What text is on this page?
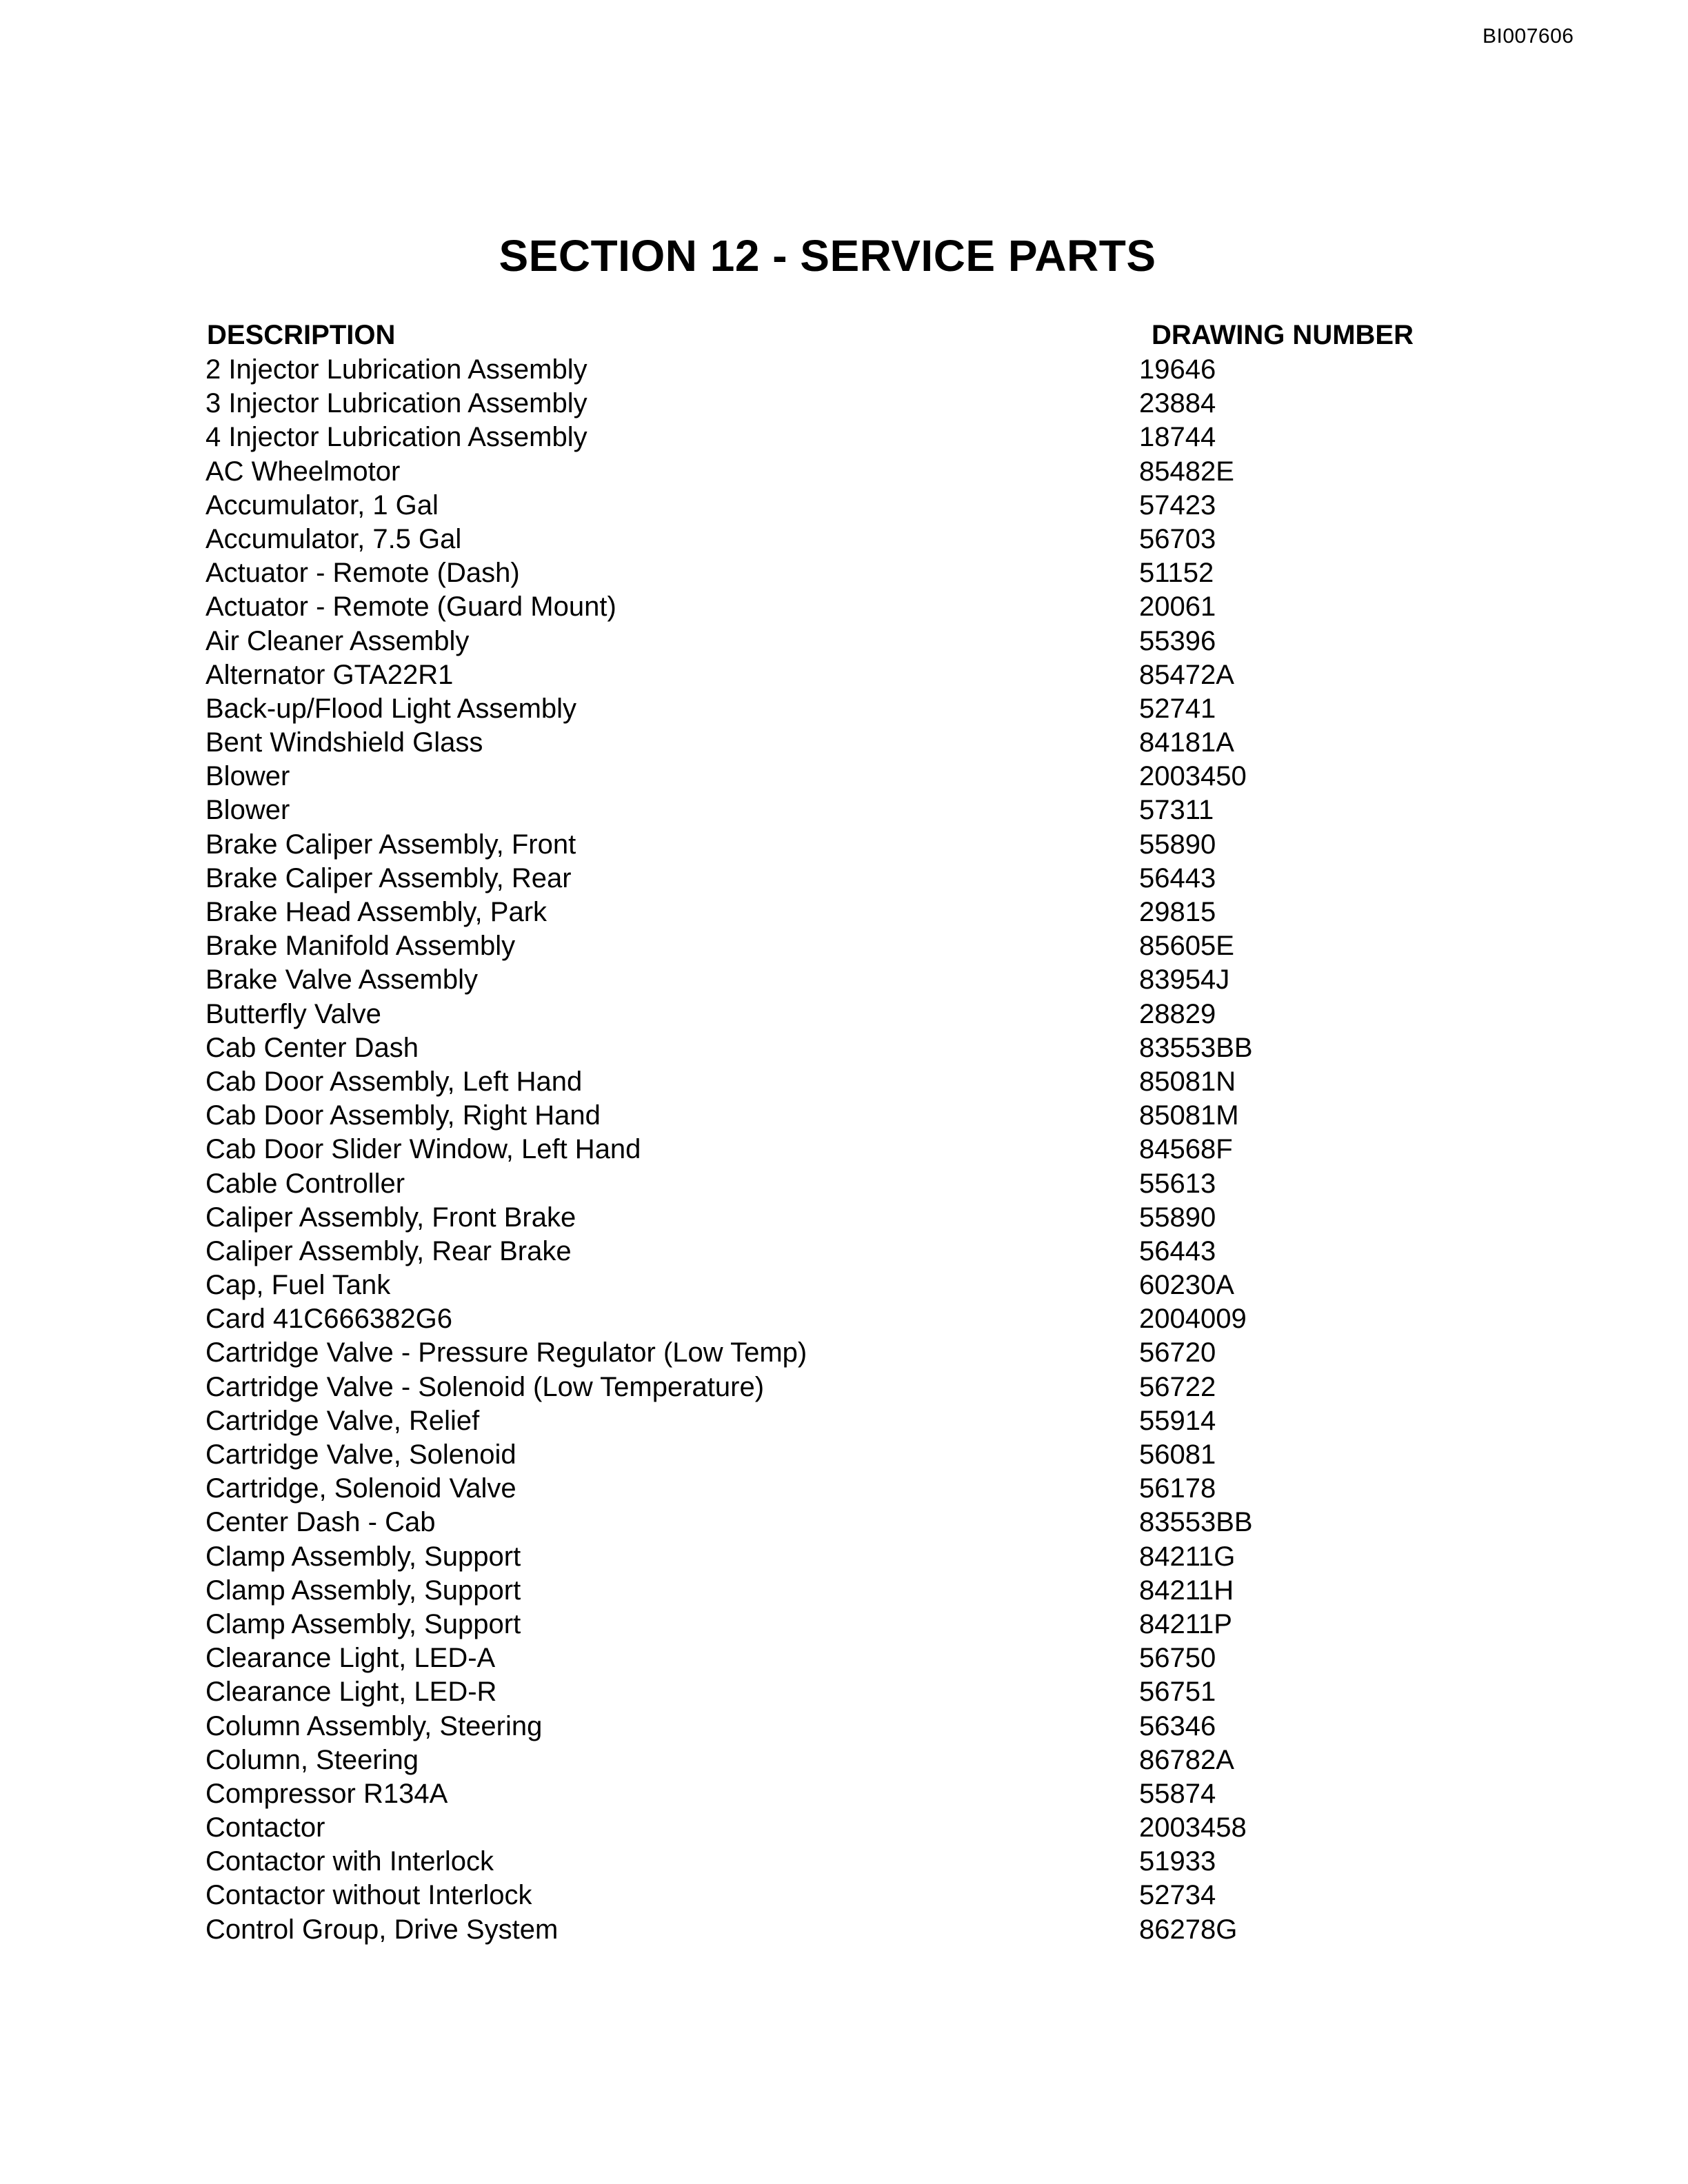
BI007606
SECTION 12 - SERVICE PARTS
DESCRIPTION	DRAWING NUMBER
2 Injector Lubrication Assembly	19646
3 Injector Lubrication Assembly	23884
4 Injector Lubrication Assembly	18744
AC Wheelmotor	85482E
Accumulator, 1 Gal	57423
Accumulator, 7.5 Gal	56703
Actuator - Remote (Dash)	51152
Actuator - Remote (Guard Mount)	20061
Air Cleaner Assembly	55396
Alternator GTA22R1	85472A
Back-up/Flood Light Assembly	52741
Bent Windshield Glass	84181A
Blower	2003450
Blower	57311
Brake Caliper Assembly, Front	55890
Brake Caliper Assembly, Rear	56443
Brake Head Assembly, Park	29815
Brake Manifold Assembly	85605E
Brake Valve Assembly	83954J
Butterfly Valve	28829
Cab Center Dash	83553BB
Cab Door Assembly, Left Hand	85081N
Cab Door Assembly, Right Hand	85081M
Cab Door Slider Window, Left Hand	84568F
Cable Controller	55613
Caliper Assembly, Front Brake	55890
Caliper Assembly, Rear Brake	56443
Cap, Fuel Tank	60230A
Card 41C666382G6	2004009
Cartridge Valve - Pressure Regulator (Low Temp)	56720
Cartridge Valve - Solenoid (Low Temperature)	56722
Cartridge Valve, Relief	55914
Cartridge Valve, Solenoid	56081
Cartridge, Solenoid Valve	56178
Center Dash - Cab	83553BB
Clamp Assembly, Support	84211G
Clamp Assembly, Support	84211H
Clamp Assembly, Support	84211P
Clearance Light, LED-A	56750
Clearance Light, LED-R	56751
Column Assembly, Steering	56346
Column, Steering	86782A
Compressor R134A	55874
Contactor	2003458
Contactor with Interlock	51933
Contactor without Interlock	52734
Control Group, Drive System	86278G
